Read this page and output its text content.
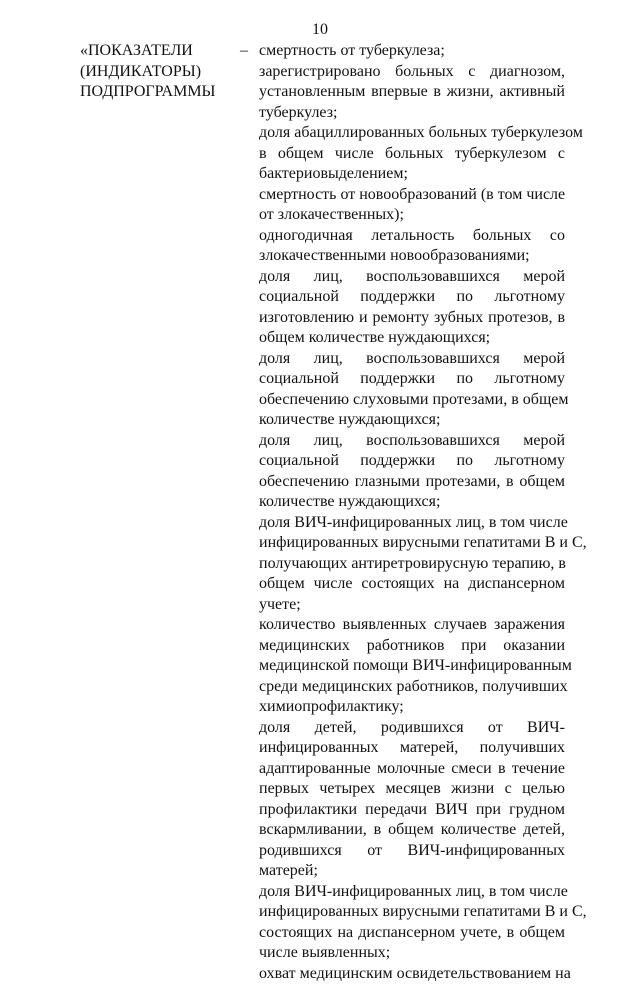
10
«ПОКАЗАТЕЛИ
(ИНДИКАТОРЫ)
ПОДПРОГРАММЫ
– смертность от туберкулеза;
зарегистрировано больных с диагнозом,
установленным впервые в жизни, активный
туберкулез;
доля абациллированных больных туберкулезом
в общем числе больных туберкулезом с
бактериовыделением;
смертность от новообразований (в том числе
от злокачественных);
одногодичная летальность больных со
злокачественными новообразованиями;
доля лиц, воспользовавшихся мерой
социальной поддержки по льготному
изготовлению и ремонту зубных протезов, в
общем количестве нуждающихся;
доля лиц, воспользовавшихся мерой
социальной поддержки по льготному
обеспечению слуховыми протезами, в общем
количестве нуждающихся;
доля лиц, воспользовавшихся мерой
социальной поддержки по льготному
обеспечению глазными протезами, в общем
количестве нуждающихся;
доля ВИЧ-инфицированных лиц, в том числе
инфицированных вирусными гепатитами В и С,
получающих антиретровирусную терапию, в
общем числе состоящих на диспансерном
учете;
количество выявленных случаев заражения
медицинских работников при оказании
медицинской помощи ВИЧ-инфицированным
среди медицинских работников, получивших
химиопрофилактику;
доля детей, родившихся от ВИЧ-
инфицированных матерей, получивших
адаптированные молочные смеси в течение
первых четырех месяцев жизни с целью
профилактики передачи ВИЧ при грудном
вскармливании, в общем количестве детей,
родившихся от ВИЧ-инфицированных
матерей;
доля ВИЧ-инфицированных лиц, в том числе
инфицированных вирусными гепатитами В и С,
состоящих на диспансерном учете, в общем
числе выявленных;
охват медицинским освидетельствованием на
